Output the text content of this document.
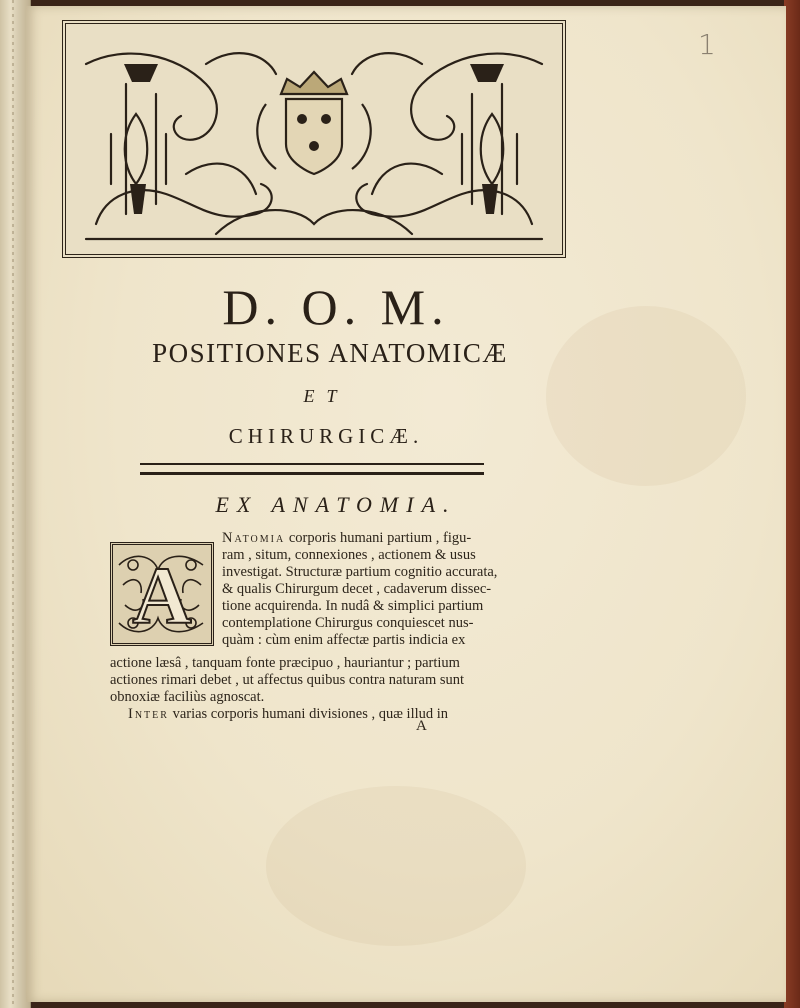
1
D. O. M.
POSITIONES ANATOMICÆ
ET
CHIRURGICÆ.
EX ANATOMIA.
A
Natomia corporis humani partium , figu-
ram , situm, connexiones , actionem & usus
investigat. Structuræ partium cognitio accurata,
& qualis Chirurgum decet , cadaverum dissec-
tione acquirenda. In nudâ & simplici partium
contemplatione Chirurgus conquiescet nus-
quàm : cùm enim affectæ partis indicia ex
actione læsâ , tanquam fonte præcipuo , hauriantur ; partium
actiones rimari debet , ut affectus quibus contra naturam sunt
obnoxiæ faciliùs agnoscat.
Inter varias corporis humani divisiones , quæ illud in
A
